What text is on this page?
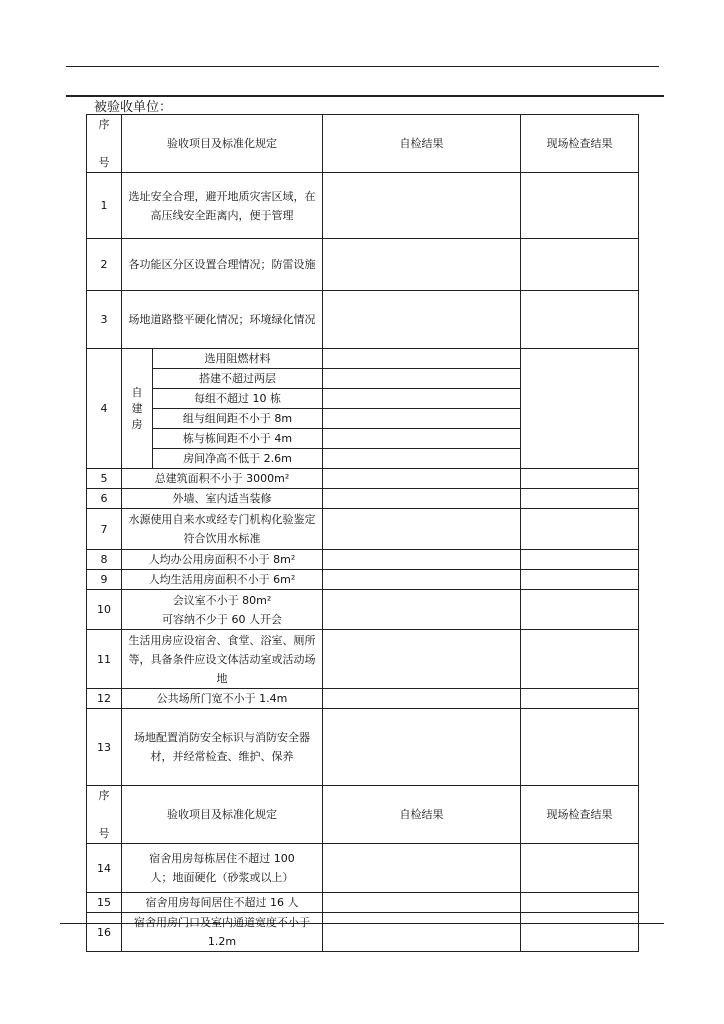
被验收单位：
序

号	验收项目及标准化规定		自检结果	现场检查结果
1	选址安全合理，避开地质灾害区域，在高压线安全距离内，便于管理			
2	各功能区分区设置合理情况；防雷设施			
3	场地道路整平硬化情况；环境绿化情况			
4	自建房	选用阻燃材料		
		搭建不超过两层		
		每组不超过 10 栋		
		组与组间距不小于 8m		
		栋与栋间距不小于 4m		
		房间净高不低于 2.6m		
5	总建筑面积不小于 3000m²			
6	外墙、室内适当装修			
7	水源使用自来水或经专门机构化验鉴定符合饮用水标准			
8	人均办公用房面积不小于 8m²			
9	人均生活用房面积不小于 6m²			
10	会议室不小于 80m²
可容纳不少于 60 人开会			
11	生活用房应设宿舍、食堂、浴室、厕所等，具备条件应设文体活动室或活动场地			
12	公共场所门宽不小于 1.4m			
13	场地配置消防安全标识与消防安全器材，并经常检查、维护、保养			
序

号	验收项目及标准化规定		自检结果	现场检查结果
14	宿舍用房每栋居住不超过 100
人；地面硬化（砂浆或以上）			
15	宿舍用房每间居住不超过 16 人			
16	宿舍用房门口及室内通道宽度不小于 1.2m			
